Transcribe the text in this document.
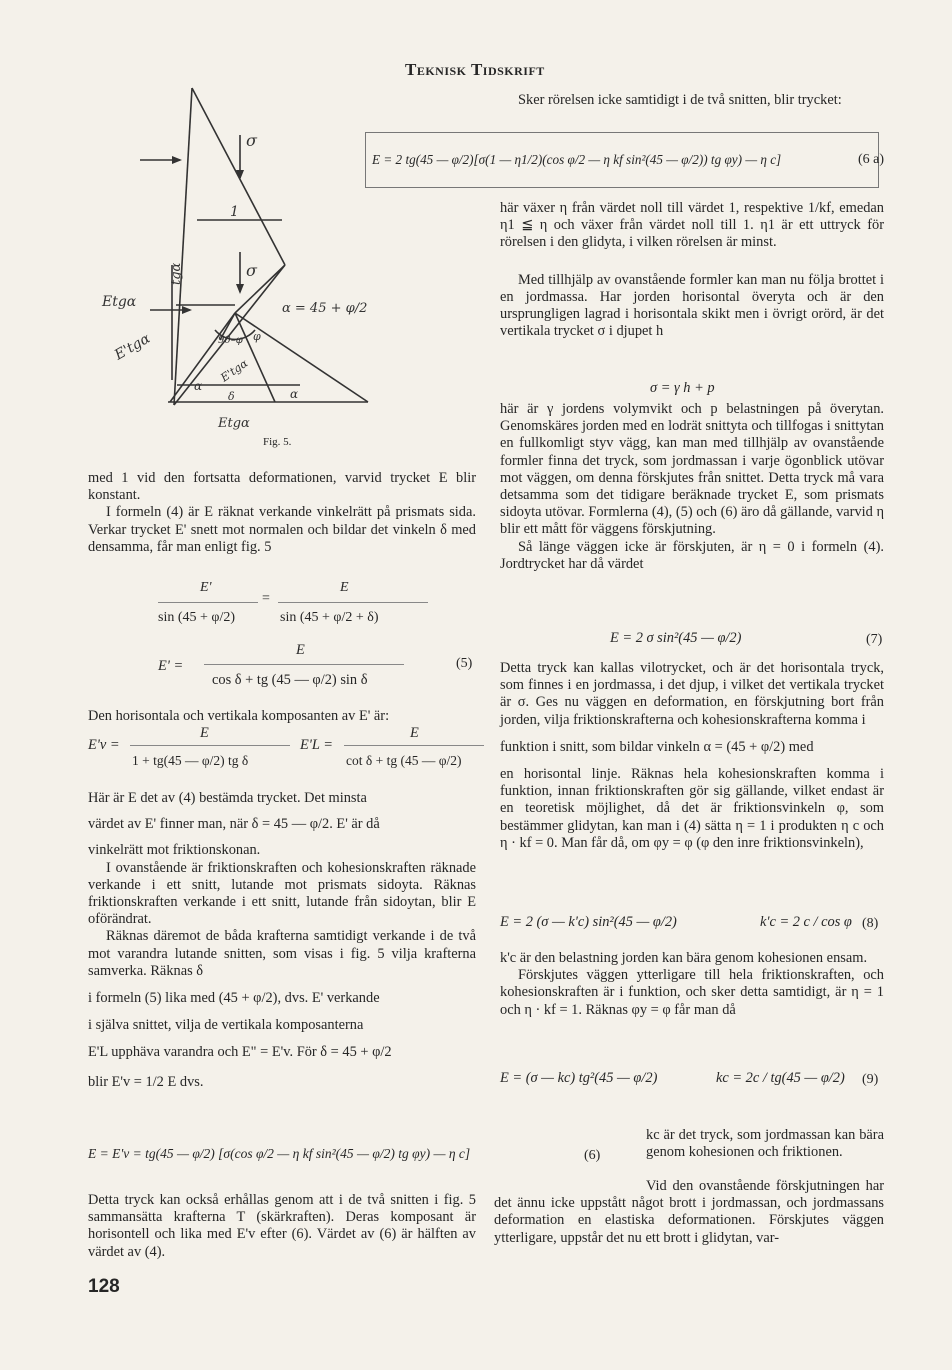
Teknisk Tidskrift
σ
1
σ
tgα
Etgα
E'tgα
α = 45 + φ/2
90–φ φ
α
E'tgα
δ	α
Etgα
Fig. 5.

med 1 vid den fortsatta deformationen, varvid trycket E blir konstant.

I formeln (4) är E räknat verkande vinkelrätt på prismats sida. Verkar trycket E' snett mot normalen och bildar det vinkeln δ med densamma, får man enligt fig. 5

E'	E
=
sin (45 + φ/2)	sin (45 + φ/2 + δ)
E' =
E
cos δ + tg (45 — φ/2) sin δ
(5)

Den horisontala och vertikala komposanten av E' är:

E'v =
E
1 + tg(45 — φ/2) tg δ
E'L =
E
cot δ + tg (45 — φ/2)

Här är E det av (4) bestämda trycket. Det minsta

värdet av E' finner man, när δ = 45 — φ/2. E' är då

vinkelrätt mot friktionskonan.

I ovanstående är friktionskraften och kohesionskraften räknade verkande i ett snitt, lutande mot prismats sidoyta. Räknas friktionskraften verkande i ett snitt, lutande från sidoytan, blir E oförändrat.

Räknas däremot de båda krafterna samtidigt verkande i de två mot varandra lutande snitten, som visas i fig. 5 vilja krafterna samverka. Räknas δ

i formeln (5) lika med (45 + φ/2), dvs. E' verkande

i själva snittet, vilja de vertikala komposanterna

E'L upphäva varandra och E" = E'v. För δ = 45 + φ/2

blir E'v = 1/2 E dvs.

E = E'v = tg(45 — φ/2) [σ(cos φ/2 — η kf sin²(45 — φ/2) tg φy) — η c]	(6)

Detta tryck kan också erhållas genom att i de två snitten i fig. 5 sammansätta krafterna T (skärkraften). Deras komposant är horisontell och lika med E'v efter (6). Värdet av (6) är hälften av värdet av (4).

128

Sker rörelsen icke samtidigt i de två snitten, blir trycket:

E = 2 tg(45 — φ/2)[σ(1 — η1/2)(cos φ/2 — η kf sin²(45 — φ/2)) tg φy) — η c]	(6 a)

här växer η från värdet noll till värdet 1, respektive 1/kf, emedan η1 ≦ η och växer från värdet noll till 1. η1 är ett uttryck för rörelsen i den glidyta, i vilken rörelsen är minst.

Med tillhjälp av ovanstående formler kan man nu följa brottet i en jordmassa. Har jorden horisontal överyta och är den ursprungligen lagrad i horisontala skikt men i övrigt orörd, är det vertikala trycket σ i djupet h

σ = γ h + p

här är γ jordens volymvikt och p belastningen på överytan. Genomskäres jorden med en lodrät snittyta och tillfogas i snittytan en fullkomligt styv vägg, kan man med tillhjälp av ovanstående formler finna det tryck, som jordmassan i varje ögonblick utövar mot väggen, om denna förskjutes från snittet. Detta tryck må vara detsamma som det tidigare beräknade trycket E, som prismats sidoyta utövar. Formlerna (4), (5) och (6) äro då gällande, varvid η blir ett mått för väggens förskjutning.

Så länge väggen icke är förskjuten, är η = 0 i formeln (4). Jordtrycket har då värdet

E = 2 σ sin²(45 — φ/2)	(7)

Detta tryck kan kallas vilotrycket, och är det horisontala tryck, som finnes i en jordmassa, i det djup, i vilket det vertikala trycket är σ. Ges nu väggen en deformation, en förskjutning bort från jorden, vilja friktionskrafterna och kohesionskrafterna komma i

funktion i snitt, som bildar vinkeln α = (45 + φ/2) med

en horisontal linje. Räknas hela kohesionskraften komma i funktion, innan friktionskraften gör sig gällande, vilket endast är en teoretisk möjlighet, då det är friktionsvinkeln φ, som bestämmer glidytan, kan man i (4) sätta η = 1 i produkten η c och η · kf = 0. Man får då, om φy = φ (φ den inre friktionsvinkeln),

E = 2 (σ — k'c) sin²(45 — φ/2)	k'c = 2 c / cos φ (8)

k'c är den belastning jorden kan bära genom kohesionen ensam.

Förskjutes väggen ytterligare till hela friktionskraften, och kohesionskraften är i funktion, och sker detta samtidigt, är η = 1 och η · kf = 1. Räknas φy = φ får man då

E = (σ — kc) tg²(45 — φ/2)	kc = 2c / tg(45 — φ/2) (9)

kc är det tryck, som jordmassan kan bära genom kohesionen och friktionen.

Vid den ovanstående förskjutningen har det ännu icke uppstått något brott i jordmassan, och jordmassans deformation en elastiska deformationen. Förskjutes väggen ytterligare, uppstår det nu ett brott i glidytan, var-
